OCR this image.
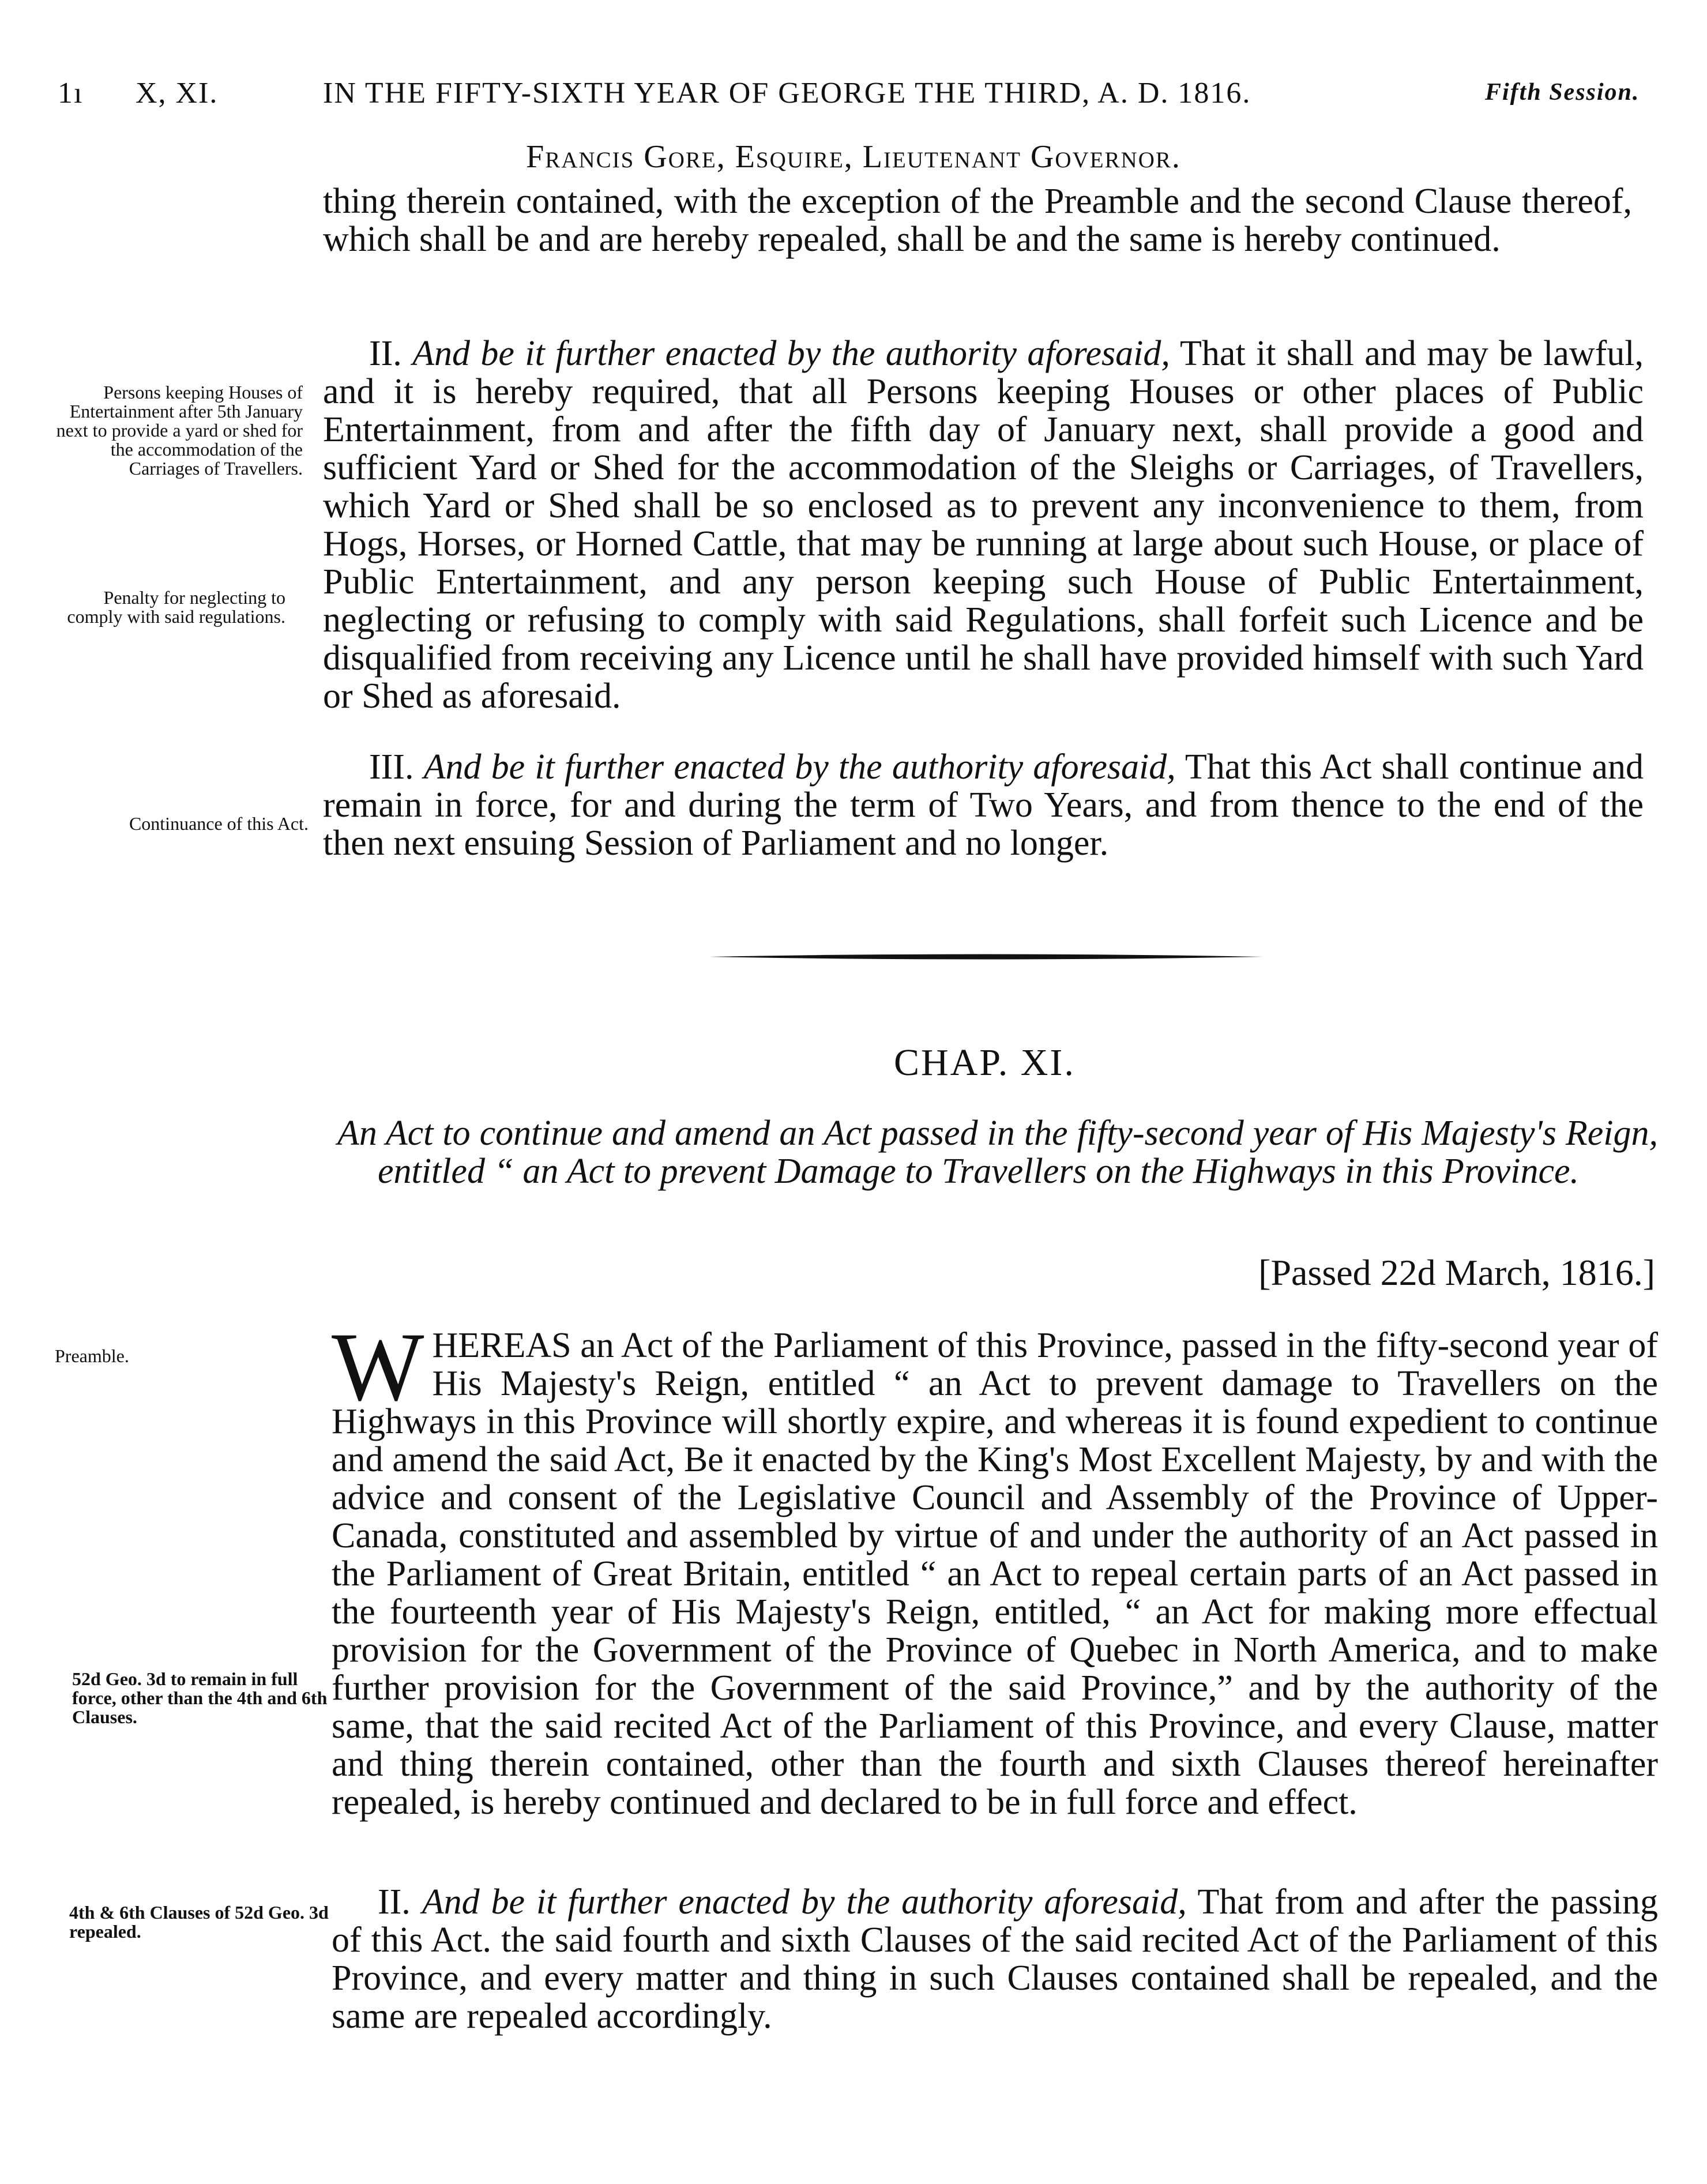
1ı X, XI.	IN THE FIFTY-SIXTH YEAR OF GEORGE THE THIRD, A. D. 1816.	Fifth Session.
Francis Gore, Esquire, Lieutenant Governor.

thing therein contained, with the exception of the Preamble and the second Clause thereof, which shall be and are hereby repealed, shall be and the same is hereby continued.

II. And be it further enacted by the authority aforesaid, That it shall and may be lawful, and it is hereby required, that all Persons keeping Houses or other places of Public Entertainment, from and after the fifth day of January next, shall provide a good and sufficient Yard or Shed for the accommodation of the Sleighs or Carriages, of Travellers, which Yard or Shed shall be so enclosed as to prevent any inconvenience to them, from Hogs, Horses, or Horned Cattle, that may be running at large about such House, or place of Public Entertainment, and any person keeping such House of Public Entertainment, neglecting or refusing to comply with said Regulations, shall forfeit such Licence and be disqualified from receiving any Licence until he shall have provided himself with such Yard or Shed as aforesaid.

Persons keeping Houses of Entertainment after 5th January next to provide a yard or shed for the accommodation of the Carriages of Travellers.
Penalty for neglecting to comply with said regulations.

III. And be it further enacted by the authority aforesaid, That this Act shall continue and remain in force, for and during the term of Two Years, and from thence to the end of the then next ensuing Session of Parliament and no longer.

Continuance of this Act.
CHAP. XI.

An Act to continue and amend an Act passed in the fifty-second year of His Majesty's Reign, entitled “ an Act to prevent Damage to Travellers on the Highways in this Province.

[Passed 22d March, 1816.]
Preamble. WHEREAS an Act of the Parliament of this Province, passed in the fifty-second year of His Majesty's Reign, entitled “ an Act to prevent damage to Travellers on the Highways in this Province will shortly expire, and whereas it is found expedient to continue and amend the said Act, Be it enacted by the King's Most Excellent Majesty, by and with the advice and consent of the Legislative Council and Assembly of the Province of Upper-Canada, constituted and assembled by virtue of and under the authority of an Act passed in the Parliament of Great Britain, entitled “ an Act to repeal certain parts of an Act passed in the fourteenth year of His Majesty's Reign, entitled, “ an Act for making more effectual provision for the Government of the Province of Quebec in North America, and to make further provision for the Government of the said Province,” and by the authority of the same, that the said recited Act of the Parliament of this Province, and every Clause, matter and thing therein contained, other than the fourth and sixth Clauses thereof hereinafter repealed, is hereby continued and declared to be in full force and effect.

52d Geo. 3d to remain in full force, other than the 4th and 6th Clauses.

II. And be it further enacted by the authority aforesaid, That from and after the passing of this Act. the said fourth and sixth Clauses of the said recited Act of the Parliament of this Province, and every matter and thing in such Clauses contained shall be repealed, and the same are repealed accordingly.

4th & 6th Clauses of 52d Geo. 3d repealed.
